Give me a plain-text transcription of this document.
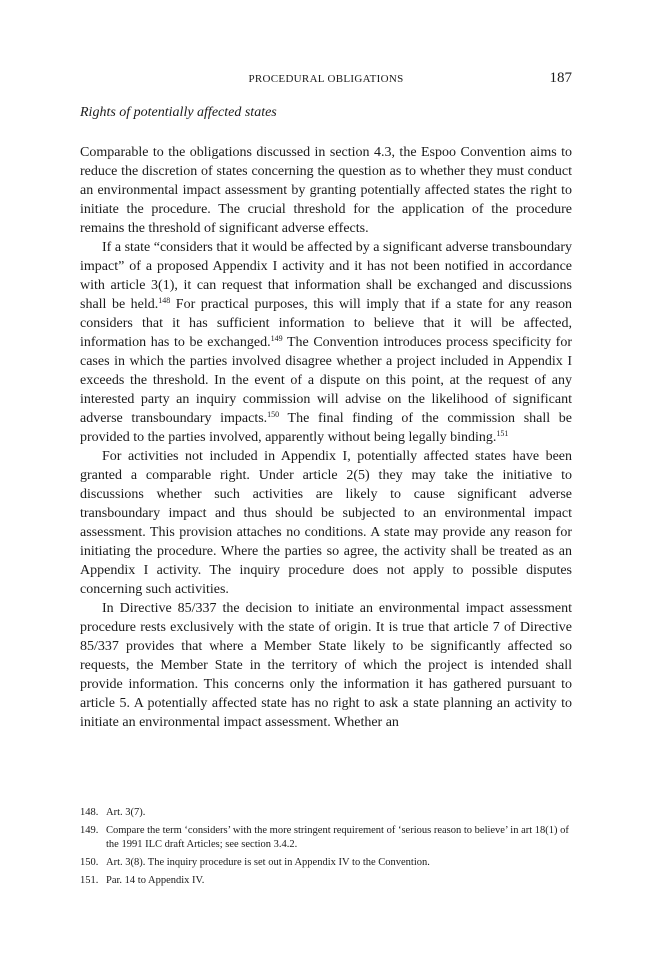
PROCEDURAL OBLIGATIONS	187
Rights of potentially affected states

Comparable to the obligations discussed in section 4.3, the Espoo Convention aims to reduce the discretion of states concerning the question as to whether they must conduct an environmental impact assessment by granting potentially affected states the right to initiate the procedure. The crucial threshold for the application of the procedure remains the threshold of significant adverse effects.

If a state “considers that it would be affected by a significant adverse transboundary impact” of a proposed Appendix I activity and it has not been notified in accordance with article 3(1), it can request that information shall be exchanged and discussions shall be held.$^{148}$ For practical purposes, this will imply that if a state for any reason considers that it has sufficient information to believe that it will be affected, information has to be exchanged.$^{149}$ The Convention introduces process specificity for cases in which the parties involved disagree whether a project included in Appendix I exceeds the threshold. In the event of a dispute on this point, at the request of any interested party an inquiry commission will advise on the likelihood of significant adverse transboundary impacts.$^{150}$ The final finding of the commission shall be provided to the parties involved, apparently without being legally binding.$^{151}$

For activities not included in Appendix I, potentially affected states have been granted a comparable right. Under article 2(5) they may take the initiative to discussions whether such activities are likely to cause significant adverse transboundary impact and thus should be subjected to an environmental impact assessment. This provision attaches no conditions. A state may provide any reason for initiating the procedure. Where the parties so agree, the activity shall be treated as an Appendix I activity. The inquiry procedure does not apply to possible disputes concerning such activities.

In Directive 85/337 the decision to initiate an environmental impact assessment procedure rests exclusively with the state of origin. It is true that article 7 of Directive 85/337 provides that where a Member State likely to be significantly affected so requests, the Member State in the territory of which the project is intended shall provide information. This concerns only the information it has gathered pursuant to article 5. A potentially affected state has no right to ask a state planning an activity to initiate an environmental impact assessment. Whether an

148. Art. 3(7).
149. Compare the term ‘considers’ with the more stringent requirement of ‘serious reason to believe’ in art 18(1) of the 1991 ILC draft Articles; see section 3.4.2.
150. Art. 3(8). The inquiry procedure is set out in Appendix IV to the Convention.
151. Par. 14 to Appendix IV.
